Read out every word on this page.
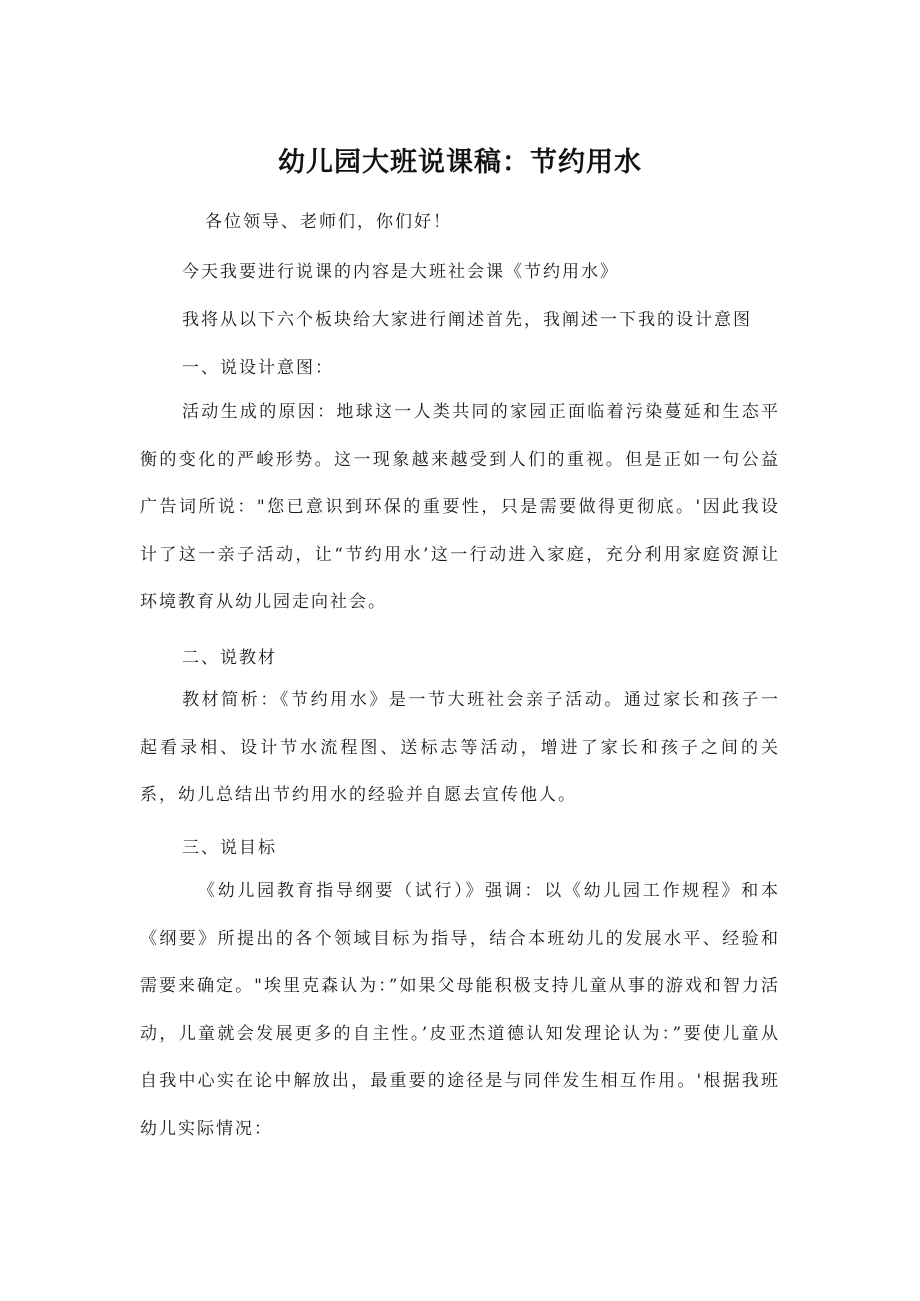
幼儿园大班说课稿：节约用水
各位领导、老师们，你们好！
今天我要进行说课的内容是大班社会课《节约用水》
我将从以下六个板块给大家进行阐述首先，我阐述一下我的设计意图
一、说设计意图：
活动生成的原因：地球这一人类共同的家园正面临着污染蔓延和生态平衡的变化的严峻形势。这一现象越来越受到人们的重视。但是正如一句公益广告词所说："您已意识到环保的重要性，只是需要做得更彻底。'因此我设计了这一亲子活动，让“节约用水’这一行动进入家庭，充分利用家庭资源让环境教育从幼儿园走向社会。
二、说教材
教材简析：《节约用水》是一节大班社会亲子活动。通过家长和孩子一起看录相、设计节水流程图、送标志等活动，增进了家长和孩子之间的关系，幼儿总结出节约用水的经验并自愿去宣传他人。
三、说目标
《幼儿园教育指导纲要（试行）》强调：以《幼儿园工作规程》和本《纲要》所提出的各个领域目标为指导，结合本班幼儿的发展水平、经验和需要来确定。"埃里克森认为：”如果父母能积极支持儿童从事的游戏和智力活动，儿童就会发展更多的自主性。’皮亚杰道德认知发理论认为：”要使儿童从自我中心实在论中解放出，最重要的途径是与同伴发生相互作用。'根据我班幼儿实际情况：
